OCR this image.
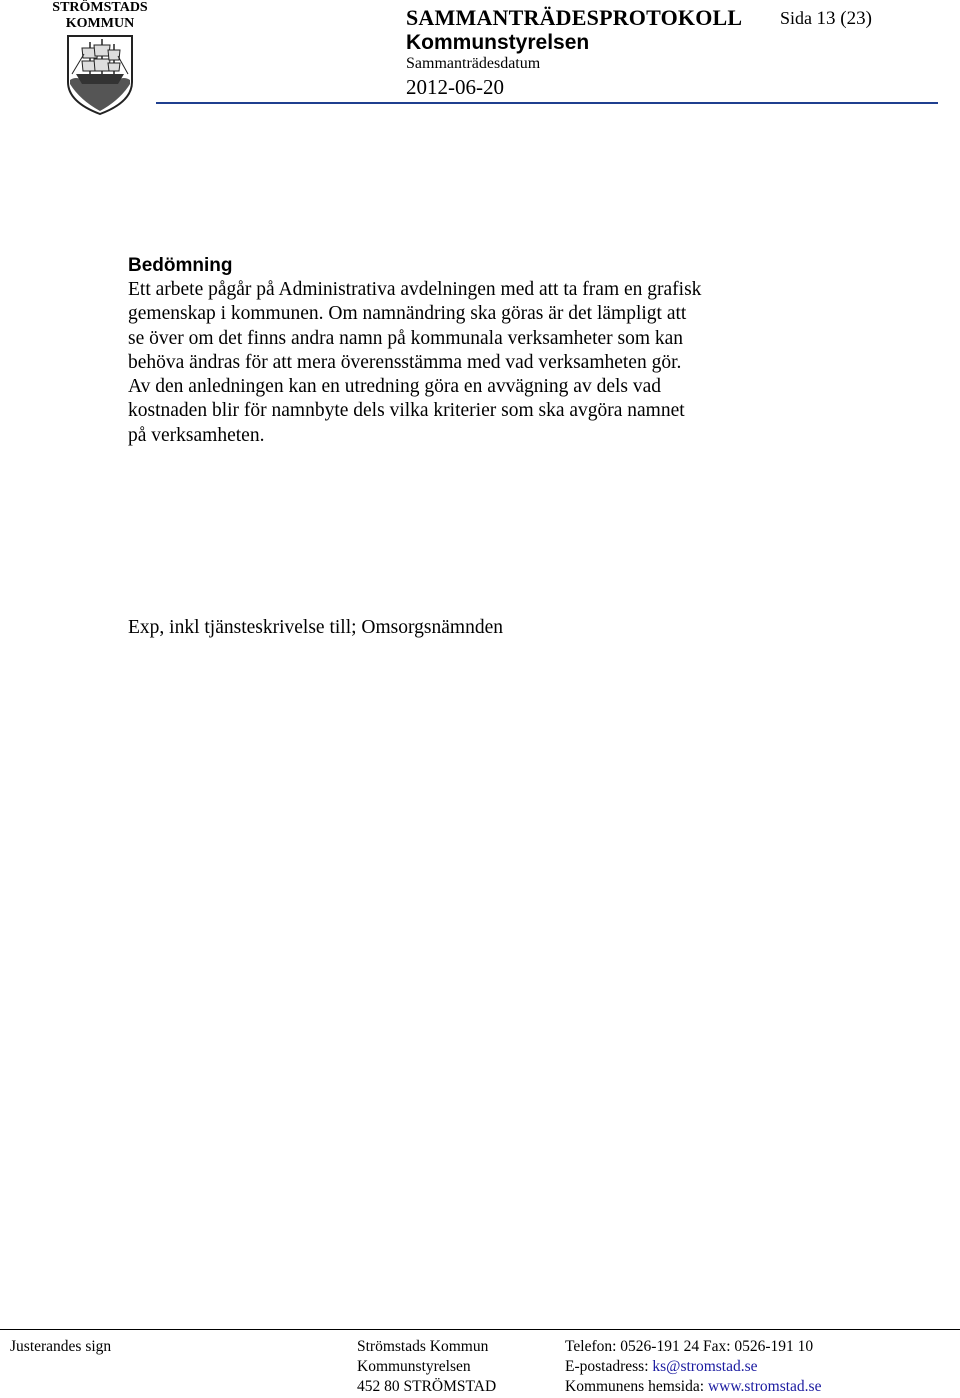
STRÖMSTADS
KOMMUN	SAMMANTRÄDESPROTOKOLL
Kommunstyrelsen
Sammanträdesdatum
2012-06-20
Sida 13 (23)
Bedömning
Ett arbete pågår på Administrativa avdelningen med att ta fram en grafisk
gemenskap i kommunen. Om namnändring ska göras är det lämpligt att
se över om det finns andra namn på kommunala verksamheter som kan
behöva ändras för att mera överensstämma med vad verksamheten gör.
Av den anledningen kan en utredning göra en avvägning av dels vad
kostnaden blir för namnbyte dels vilka kriterier som ska avgöra namnet
på verksamheten.
Exp, inkl tjänsteskrivelse till; Omsorgsnämnden
Justerandes sign	Strömstads Kommun
Kommunstyrelsen
452 80 STRÖMSTAD
Telefon: 0526-191 24 Fax: 0526-191 10
E-postadress: ks@stromstad.se
Kommunens hemsida: www.stromstad.se
